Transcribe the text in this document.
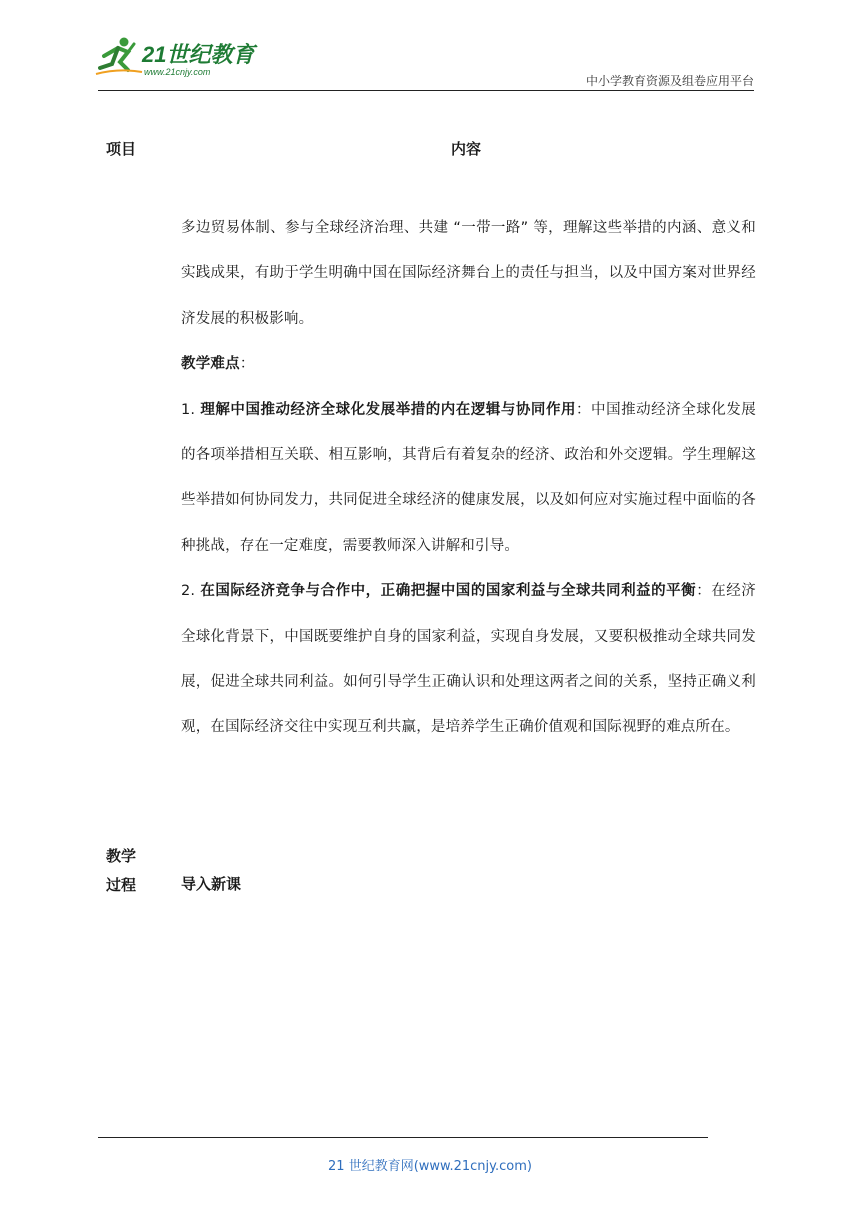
21世纪教育
www.21cnjy.com
中小学教育资源及组卷应用平台
项目	内容

多边贸易体制、参与全球经济治理、共建 “一带一路” 等，理解这些举措的内涵、意义和实践成果，有助于学生明确中国在国际经济舞台上的责任与担当，以及中国方案对世界经济发展的积极影响。

教学难点：

1. 理解中国推动经济全球化发展举措的内在逻辑与协同作用：中国推动经济全球化发展的各项举措相互关联、相互影响，其背后有着复杂的经济、政治和外交逻辑。学生理解这些举措如何协同发力，共同促进全球经济的健康发展，以及如何应对实施过程中面临的各种挑战，存在一定难度，需要教师深入讲解和引导。

2. 在国际经济竞争与合作中，正确把握中国的国家利益与全球共同利益的平衡：在经济全球化背景下，中国既要维护自身的国家利益，实现自身发展，又要积极推动全球共同发展，促进全球共同利益。如何引导学生正确认识和处理这两者之间的关系，坚持正确义利观，在国际经济交往中实现互利共赢，是培养学生正确价值观和国际视野的难点所在。

教学
过程	导入新课
21 世纪教育网(www.21cnjy.com)
